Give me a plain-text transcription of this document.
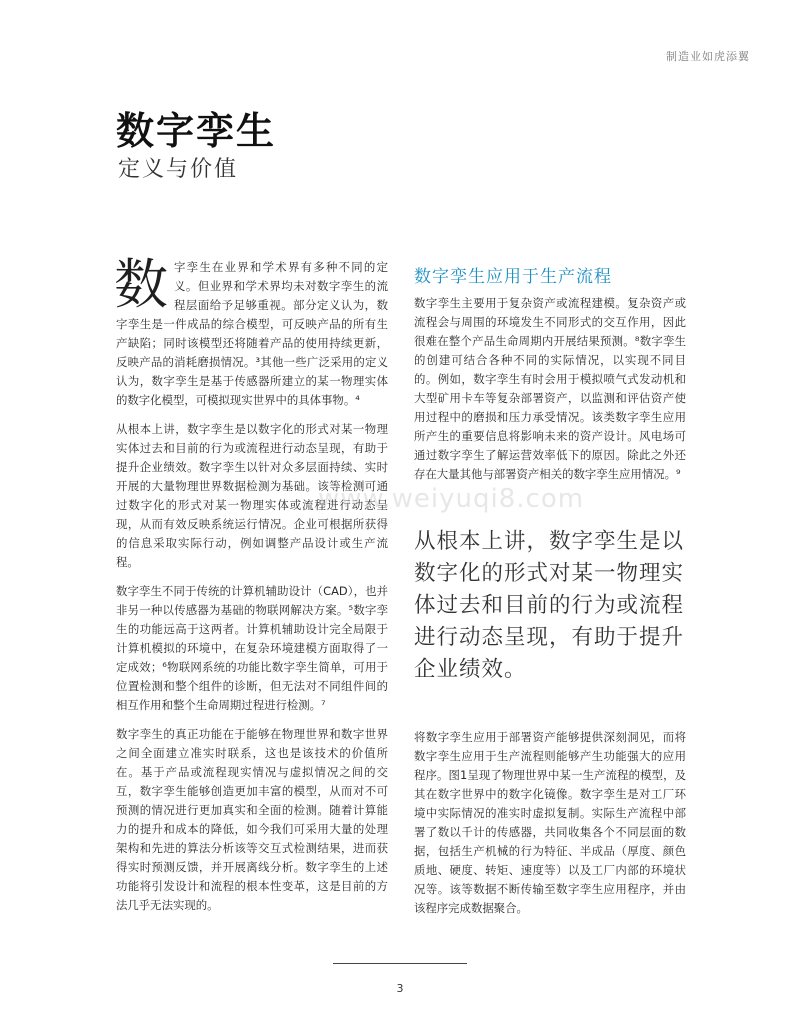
制造业如虎添翼
数字孪生
定义与价值

数字孪生在业界和学术界有多种不同的定义。但业界和学术界均未对数字孪生的流程层面给予足够重视。部分定义认为，数字孪生是一件成品的综合模型，可反映产品的所有生产缺陷；同时该模型还将随着产品的使用持续更新，反映产品的消耗磨损情况。³其他一些广泛采用的定义认为，数字孪生是基于传感器所建立的某一物理实体的数字化模型，可模拟现实世界中的具体事物。⁴

从根本上讲，数字孪生是以数字化的形式对某一物理实体过去和目前的行为或流程进行动态呈现，有助于提升企业绩效。数字孪生以针对众多层面持续、实时开展的大量物理世界数据检测为基础。该等检测可通过数字化的形式对某一物理实体或流程进行动态呈现，从而有效反映系统运行情况。企业可根据所获得的信息采取实际行动，例如调整产品设计或生产流程。

数字孪生不同于传统的计算机辅助设计（CAD），也并非另一种以传感器为基础的物联网解决方案。⁵数字孪生的功能远高于这两者。计算机辅助设计完全局限于计算机模拟的环境中，在复杂环境建模方面取得了一定成效；⁶物联网系统的功能比数字孪生简单，可用于位置检测和整个组件的诊断，但无法对不同组件间的相互作用和整个生命周期过程进行检测。⁷

数字孪生的真正功能在于能够在物理世界和数字世界之间全面建立准实时联系，这也是该技术的价值所在。基于产品或流程现实情况与虚拟情况之间的交互，数字孪生能够创造更加丰富的模型，从而对不可预测的情况进行更加真实和全面的检测。随着计算能力的提升和成本的降低，如今我们可采用大量的处理架构和先进的算法分析该等交互式检测结果，进而获得实时预测反馈，并开展离线分析。数字孪生的上述功能将引发设计和流程的根本性变革，这是目前的方法几乎无法实现的。

数字孪生应用于生产流程

数字孪生主要用于复杂资产或流程建模。复杂资产或流程会与周围的环境发生不同形式的交互作用，因此很难在整个产品生命周期内开展结果预测。⁸数字孪生的创建可结合各种不同的实际情况，以实现不同目的。例如，数字孪生有时会用于模拟喷气式发动机和大型矿用卡车等复杂部署资产，以监测和评估资产使用过程中的磨损和压力承受情况。该类数字孪生应用所产生的重要信息将影响未来的资产设计。风电场可通过数字孪生了解运营效率低下的原因。除此之外还存在大量其他与部署资产相关的数字孪生应用情况。⁹

从根本上讲，数字孪生是以数字化的形式对某一物理实体过去和目前的行为或流程进行动态呈现，有助于提升企业绩效。

将数字孪生应用于部署资产能够提供深刻洞见，而将数字孪生应用于生产流程则能够产生功能强大的应用程序。图1呈现了物理世界中某一生产流程的模型，及其在数字世界中的数字化镜像。数字孪生是对工厂环境中实际情况的准实时虚拟复制。实际生产流程中部署了数以千计的传感器，共同收集各个不同层面的数据，包括生产机械的行为特征、半成品（厚度、颜色质地、硬度、转矩、速度等）以及工厂内部的环境状况等。该等数据不断传输至数字孪生应用程序，并由该程序完成数据聚合。

www.weiyuqi8.com
3
